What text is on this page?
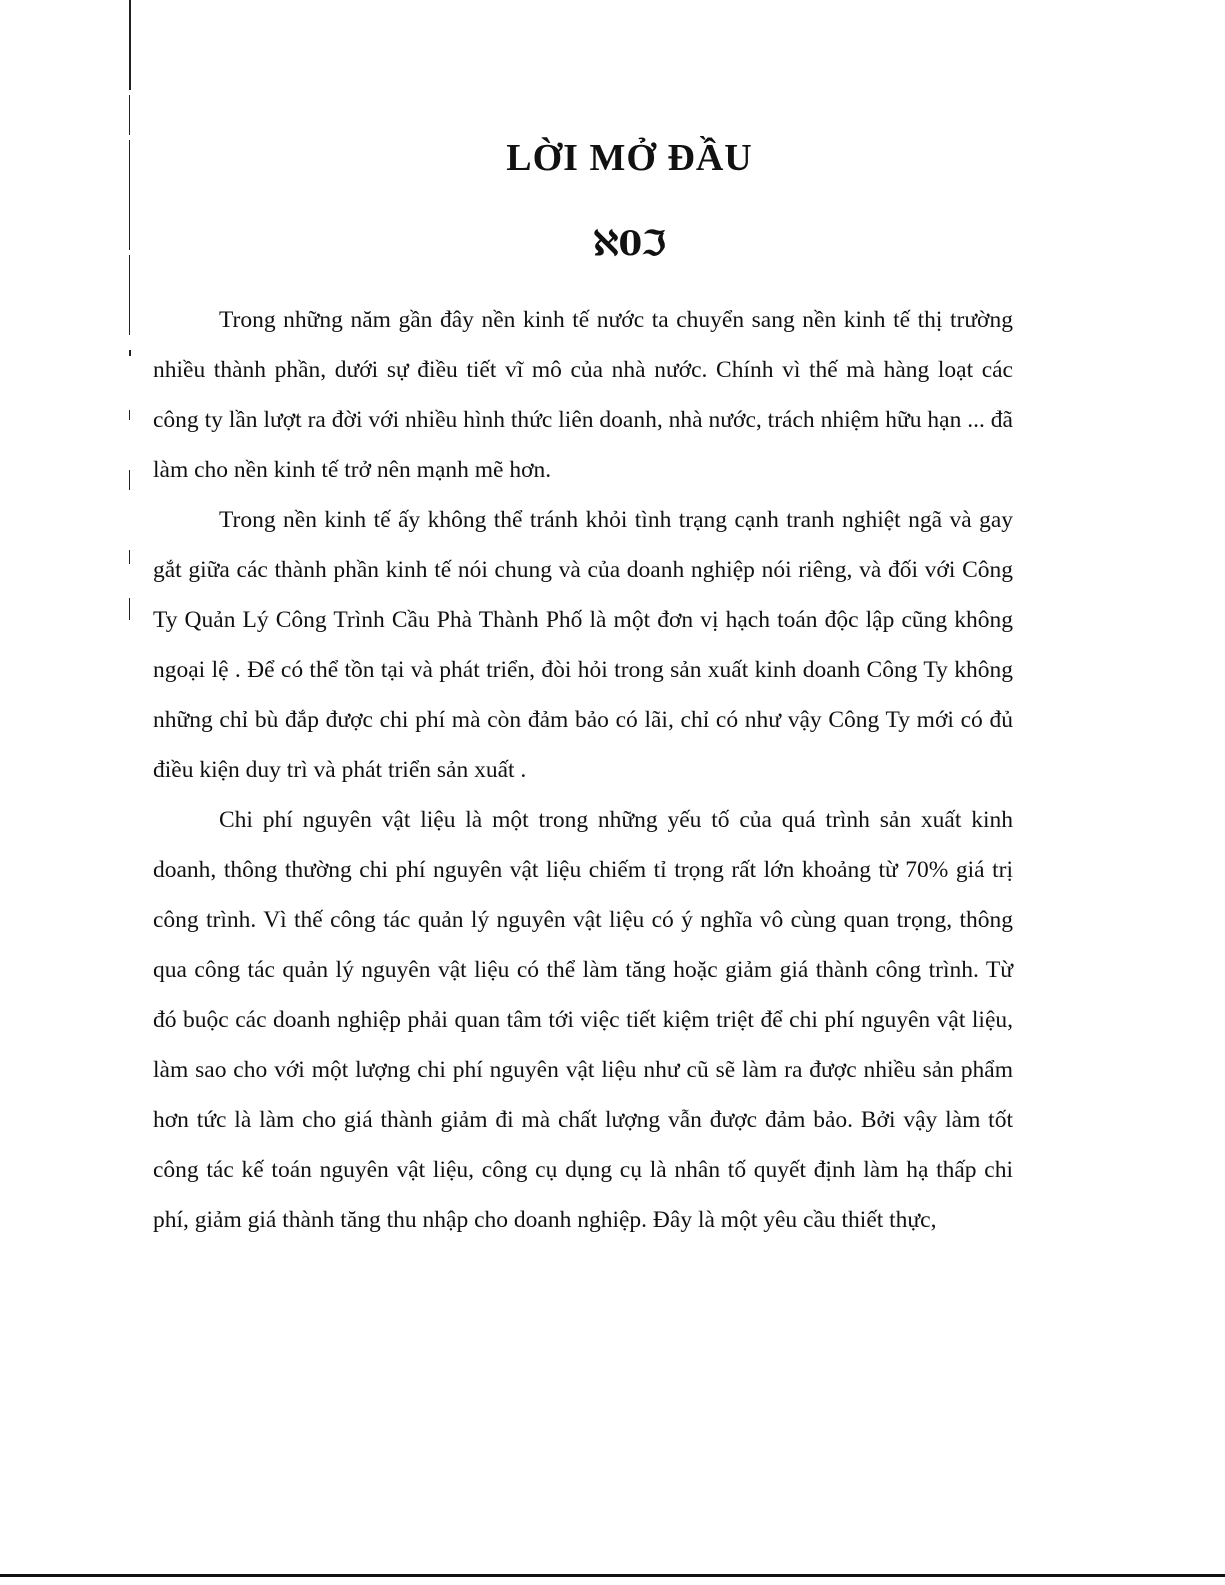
LỜI MỞ ĐẦU
ℵ0ℑ

Trong những năm gần đây nền kinh tế nước ta chuyển sang nền kinh tế thị trường nhiều thành phần, dưới sự điều tiết vĩ mô của nhà nước. Chính vì thế mà hàng loạt các công ty lần lượt ra đời với nhiều hình thức liên doanh, nhà nước, trách nhiệm hữu hạn ... đã làm cho nền kinh tế trở nên mạnh mẽ hơn.

Trong nền kinh tế ấy không thể tránh khỏi tình trạng cạnh tranh nghiệt ngã và gay gắt giữa các thành phần kinh tế nói chung và của doanh nghiệp nói riêng, và đối với Công Ty Quản Lý Công Trình Cầu Phà Thành Phố là một đơn vị hạch toán độc lập cũng không ngoại lệ . Để có thể tồn tại và phát triển, đòi hỏi trong sản xuất kinh doanh Công Ty không những chỉ bù đắp được chi phí mà còn đảm bảo có lãi, chỉ có như vậy Công Ty mới có đủ điều kiện duy trì và phát triển sản xuất .

Chi phí nguyên vật liệu là một trong những yếu tố của quá trình sản xuất kinh doanh, thông thường chi phí nguyên vật liệu chiếm tỉ trọng rất lớn khoảng từ 70% giá trị công trình. Vì thế công tác quản lý nguyên vật liệu có ý nghĩa vô cùng quan trọng, thông qua công tác quản lý nguyên vật liệu có thể làm tăng hoặc giảm giá thành công trình. Từ đó buộc các doanh nghiệp phải quan tâm tới việc tiết kiệm triệt để chi phí nguyên vật liệu, làm sao cho với một lượng chi phí nguyên vật liệu như cũ sẽ làm ra được nhiều sản phẩm hơn tức là làm cho giá thành giảm đi mà chất lượng vẫn được đảm bảo. Bởi vậy làm tốt công tác kế toán nguyên vật liệu, công cụ dụng cụ là nhân tố quyết định làm hạ thấp chi phí, giảm giá thành tăng thu nhập cho doanh nghiệp. Đây là một yêu cầu thiết thực,
